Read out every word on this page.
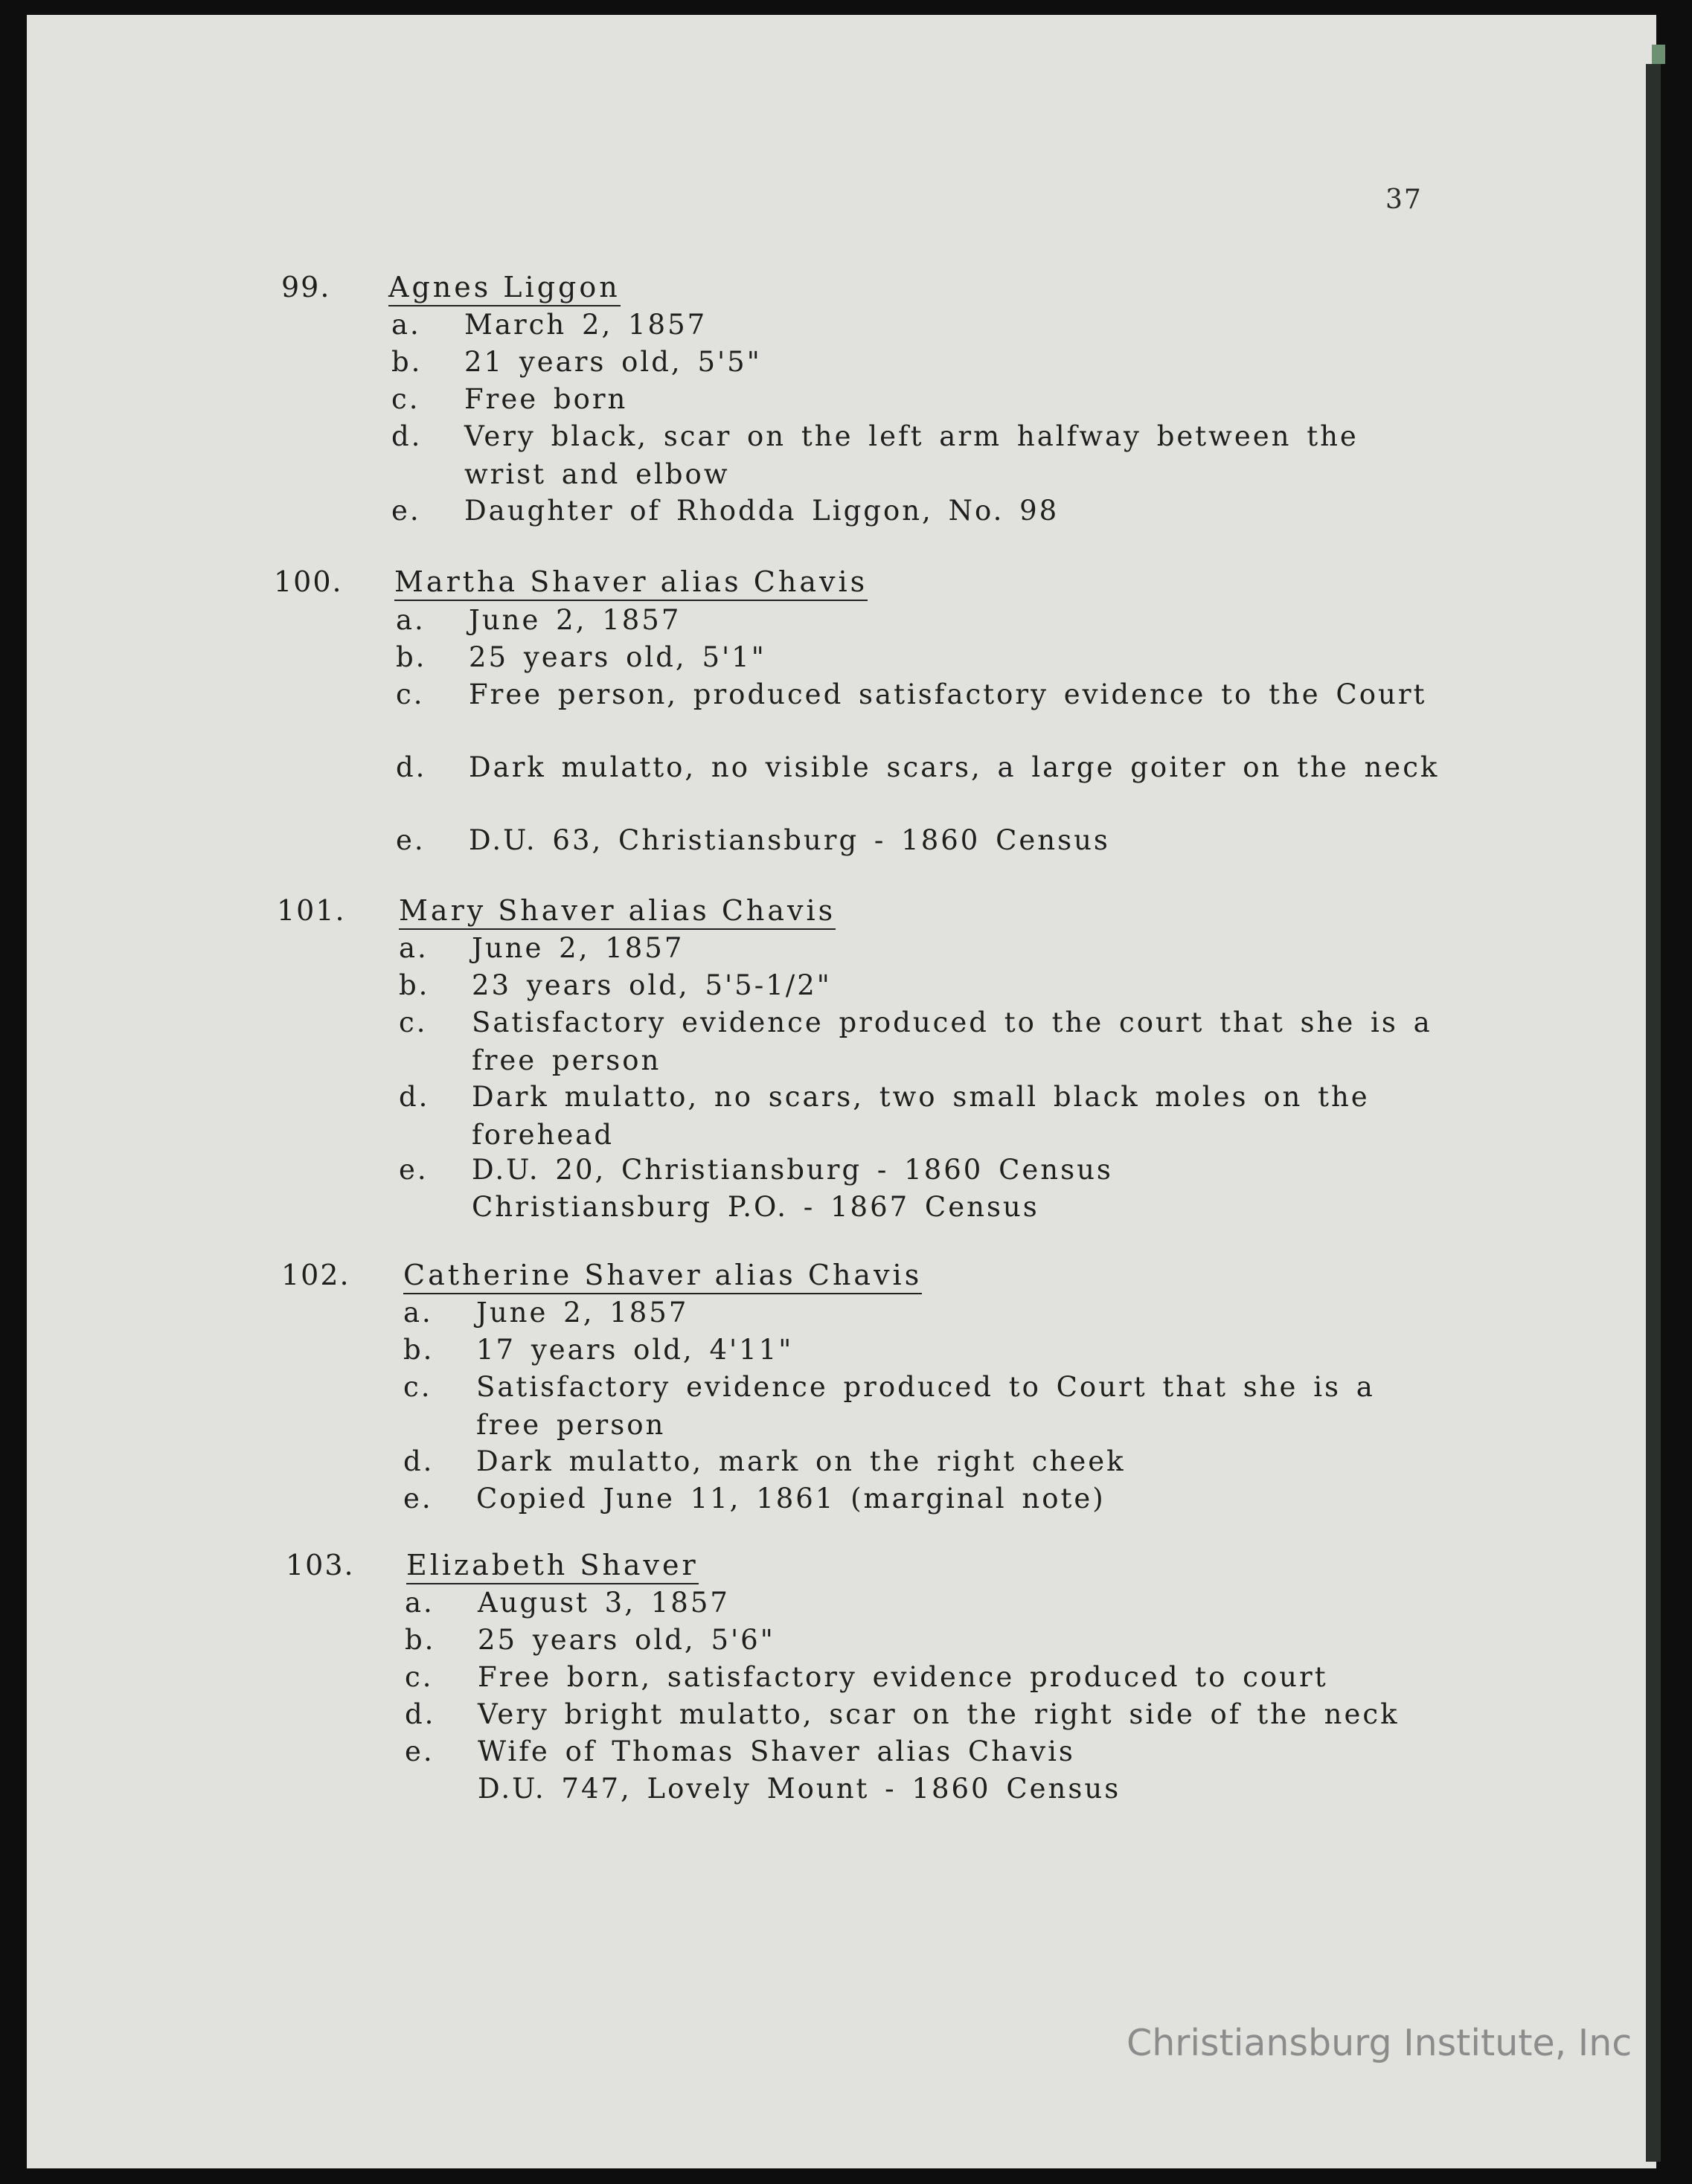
37
99. Agnes Liggon
a. March 2, 1857
b. 21 years old, 5'5"
c. Free born
d. Very black, scar on the left arm halfway between the wrist and elbow
e. Daughter of Rhodda Liggon, No. 98
100. Martha Shaver alias Chavis
a. June 2, 1857
b. 25 years old, 5'1"
c. Free person, produced satisfactory evidence to the Court
d. Dark mulatto, no visible scars, a large goiter on the neck
e. D.U. 63, Christiansburg - 1860 Census
101. Mary Shaver alias Chavis
a. June 2, 1857
b. 23 years old, 5'5-1/2"
c. Satisfactory evidence produced to the court that she is a free person
d. Dark mulatto, no scars, two small black moles on the forehead
e. D.U. 20, Christiansburg - 1860 Census
Christiansburg P.O. - 1867 Census
102. Catherine Shaver alias Chavis
a. June 2, 1857
b. 17 years old, 4'11"
c. Satisfactory evidence produced to Court that she is a free person
d. Dark mulatto, mark on the right cheek
e. Copied June 11, 1861 (marginal note)
103. Elizabeth Shaver
a. August 3, 1857
b. 25 years old, 5'6"
c. Free born, satisfactory evidence produced to court
d. Very bright mulatto, scar on the right side of the neck
e. Wife of Thomas Shaver alias Chavis
D.U. 747, Lovely Mount - 1860 Census
Christiansburg Institute, Inc
